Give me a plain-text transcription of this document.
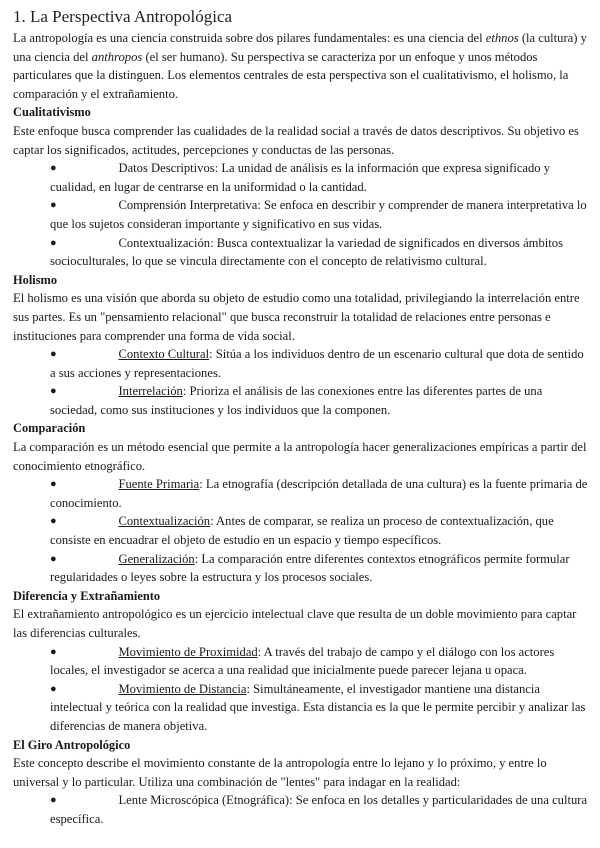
1. La Perspectiva Antropológica

La antropología es una ciencia construida sobre dos pilares fundamentales: es una ciencia del ethnos (la cultura) y una ciencia del anthropos (el ser humano). Su perspectiva se caracteriza por un enfoque y unos métodos particulares que la distinguen. Los elementos centrales de esta perspectiva son el cualitativismo, el holismo, la comparación y el extrañamiento.

Cualitativismo

Este enfoque busca comprender las cualidades de la realidad social a través de datos descriptivos. Su objetivo es captar los significados, actitudes, percepciones y conductas de las personas.

●	Datos Descriptivos: La unidad de análisis es la información que expresa significado y cualidad, en lugar de centrarse en la uniformidad o la cantidad.
●	Comprensión Interpretativa: Se enfoca en describir y comprender de manera interpretativa lo que los sujetos consideran importante y significativo en sus vidas.
●	Contextualización: Busca contextualizar la variedad de significados en diversos ámbitos socioculturales, lo que se vincula directamente con el concepto de relativismo cultural.
Holismo

El holismo es una visión que aborda su objeto de estudio como una totalidad, privilegiando la interrelación entre sus partes. Es un "pensamiento relacional" que busca reconstruir la totalidad de relaciones entre personas e instituciones para comprender una forma de vida social.

●	Contexto Cultural: Sitúa a los individuos dentro de un escenario cultural que dota de sentido a sus acciones y representaciones.
●	Interrelación: Prioriza el análisis de las conexiones entre las diferentes partes de una sociedad, como sus instituciones y los individuos que la componen.
Comparación

La comparación es un método esencial que permite a la antropología hacer generalizaciones empíricas a partir del conocimiento etnográfico.

●	Fuente Primaria: La etnografía (descripción detallada de una cultura) es la fuente primaria de conocimiento.
●	Contextualización: Antes de comparar, se realiza un proceso de contextualización, que consiste en encuadrar el objeto de estudio en un espacio y tiempo específicos.
●	Generalización: La comparación entre diferentes contextos etnográficos permite formular regularidades o leyes sobre la estructura y los procesos sociales.
Diferencia y Extrañamiento

El extrañamiento antropológico es un ejercicio intelectual clave que resulta de un doble movimiento para captar las diferencias culturales.

●	Movimiento de Proximidad: A través del trabajo de campo y el diálogo con los actores locales, el investigador se acerca a una realidad que inicialmente puede parecer lejana u opaca.
●	Movimiento de Distancia: Simultáneamente, el investigador mantiene una distancia intelectual y teórica con la realidad que investiga. Esta distancia es la que le permite percibir y analizar las diferencias de manera objetiva.
El Giro Antropológico

Este concepto describe el movimiento constante de la antropología entre lo lejano y lo próximo, y entre lo universal y lo particular. Utiliza una combinación de "lentes" para indagar en la realidad:

●	Lente Microscópica (Etnográfica): Se enfoca en los detalles y particularidades de una cultura específica.
